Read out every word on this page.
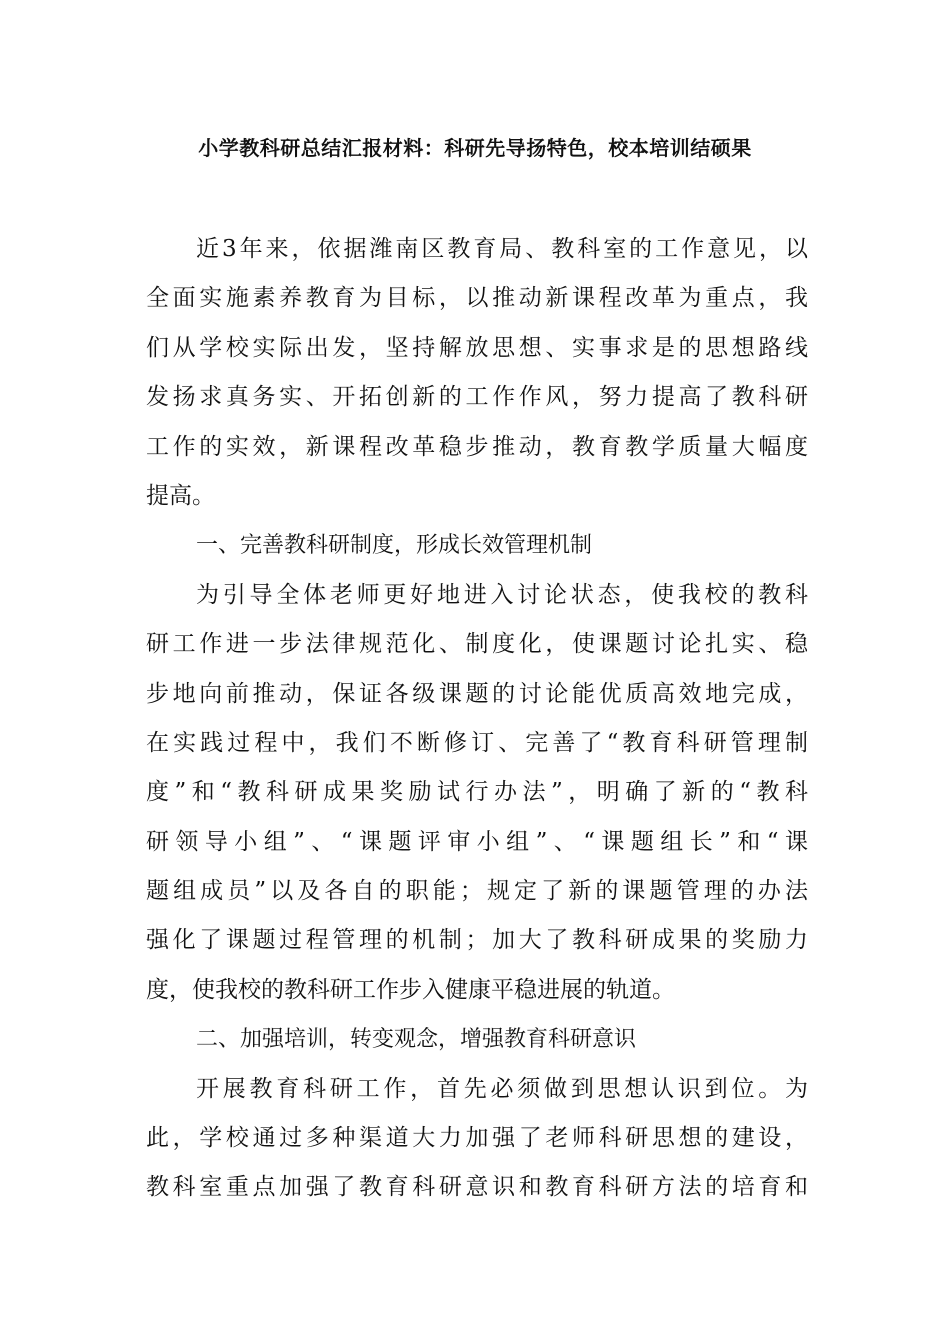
小学教科研总结汇报材料：科研先导扬特色，校本培训结硕果
近3年来，依据潍南区教育局、教科室的工作意见，以
全面实施素养教育为目标，以推动新课程改革为重点，我
们从学校实际出发，坚持解放思想、实事求是的思想路线
发扬求真务实、开拓创新的工作作风，努力提高了教科研
工作的实效，新课程改革稳步推动，教育教学质量大幅度
提高。
一、完善教科研制度，形成长效管理机制
为引导全体老师更好地进入讨论状态，使我校的教科
研工作进一步法律规范化、制度化，使课题讨论扎实、稳
步地向前推动，保证各级课题的讨论能优质高效地完成，
在实践过程中，我们不断修订、完善了“教育科研管理制
度”和“教科研成果奖励试行办法”，明确了新的“教科
研领导小组”、“课题评审小组”、“课题组长”和“课
题组成员”以及各自的职能；规定了新的课题管理的办法
强化了课题过程管理的机制；加大了教科研成果的奖励力
度，使我校的教科研工作步入健康平稳进展的轨道。
二、加强培训，转变观念，增强教育科研意识
开展教育科研工作，首先必须做到思想认识到位。为
此，学校通过多种渠道大力加强了老师科研思想的建设，
教科室重点加强了教育科研意识和教育科研方法的培育和
